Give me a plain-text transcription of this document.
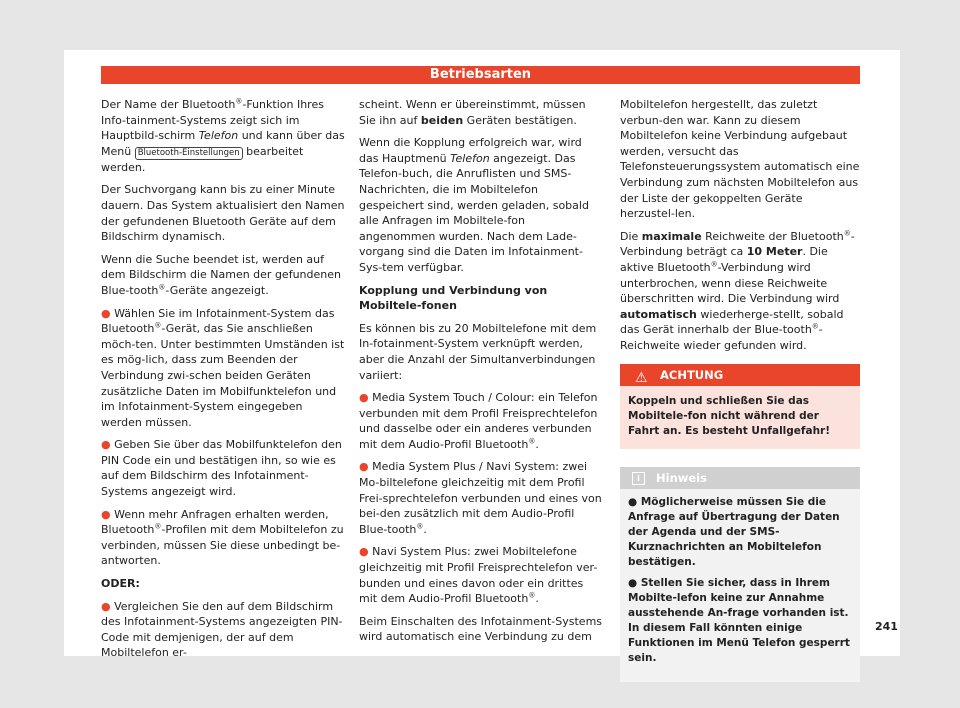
Betriebsarten

Der Name der Bluetooth®-Funktion Ihres Info-tainment-Systems zeigt sich im Hauptbild-schirm Telefon und kann über das Menü Bluetooth-Einstellungen bearbeitet werden.

Der Suchvorgang kann bis zu einer Minute dauern. Das System aktualisiert den Namen der gefundenen Bluetooth Geräte auf dem Bildschirm dynamisch.

Wenn die Suche beendet ist, werden auf dem Bildschirm die Namen der gefundenen Blue-tooth®-Geräte angezeigt.

● Wählen Sie im Infotainment-System das Bluetooth®-Gerät, das Sie anschließen möch-ten. Unter bestimmten Umständen ist es mög-lich, dass zum Beenden der Verbindung zwi-schen beiden Geräten zusätzliche Daten im Mobilfunktelefon und im Infotainment-System eingegeben werden müssen.

● Geben Sie über das Mobilfunktelefon den PIN Code ein und bestätigen ihn, so wie es auf dem Bildschirm des Infotainment-Systems angezeigt wird.

● Wenn mehr Anfragen erhalten werden, Bluetooth®-Profilen mit dem Mobiltelefon zu verbinden, müssen Sie diese unbedingt be-antworten.

ODER:

● Vergleichen Sie den auf dem Bildschirm des Infotainment-Systems angezeigten PIN-Code mit demjenigen, der auf dem Mobiltelefon er-

scheint. Wenn er übereinstimmt, müssen Sie ihn auf beiden Geräten bestätigen.

Wenn die Kopplung erfolgreich war, wird das Hauptmenü Telefon angezeigt. Das Telefon-buch, die Anruflisten und SMS- Nachrichten, die im Mobiltelefon gespeichert sind, werden geladen, sobald alle Anfragen im Mobiltele-fon angenommen wurden. Nach dem Lade-vorgang sind die Daten im Infotainment-Sys-tem verfügbar.

Kopplung und Verbindung von Mobiltele-fonen

Es können bis zu 20 Mobiltelefone mit dem In-fotainment-System verknüpft werden, aber die Anzahl der Simultanverbindungen variiert:

● Media System Touch / Colour: ein Telefon verbunden mit dem Profil Freisprechtelefon und dasselbe oder ein anderes verbunden mit dem Audio-Profil Bluetooth®.

● Media System Plus / Navi System: zwei Mo-biltelefone gleichzeitig mit dem Profil Frei-sprechtelefon verbunden und eines von bei-den zusätzlich mit dem Audio-Profil Blue-tooth®.

● Navi System Plus: zwei Mobiltelefone gleichzeitig mit Profil Freisprechtelefon ver-bunden und eines davon oder ein drittes mit dem Audio-Profil Bluetooth®.

Beim Einschalten des Infotainment-Systems wird automatisch eine Verbindung zu dem

Mobiltelefon hergestellt, das zuletzt verbun-den war. Kann zu diesem Mobiltelefon keine Verbindung aufgebaut werden, versucht das Telefonsteuerungssystem automatisch eine Verbindung zum nächsten Mobiltelefon aus der Liste der gekoppelten Geräte herzustel-len.

Die maximale Reichweite der Bluetooth®-Verbindung beträgt ca 10 Meter. Die aktive Bluetooth®-Verbindung wird unterbrochen, wenn diese Reichweite überschritten wird. Die Verbindung wird automatisch wiederherge-stellt, sobald das Gerät innerhalb der Blue-tooth®-Reichweite wieder gefunden wird.

⚠ ACHTUNG
Koppeln und schließen Sie das Mobiltele-fon nicht während der Fahrt an. Es besteht Unfallgefahr!
i	Hinweis

● Möglicherweise müssen Sie die Anfrage auf Übertragung der Daten der Agenda und der SMS-Kurznachrichten an Mobiltelefon bestätigen.

● Stellen Sie sicher, dass in Ihrem Mobilte-lefon keine zur Annahme ausstehende An-frage vorhanden ist. In diesem Fall könnten einige Funktionen im Menü Telefon gesperrt sein.

241
